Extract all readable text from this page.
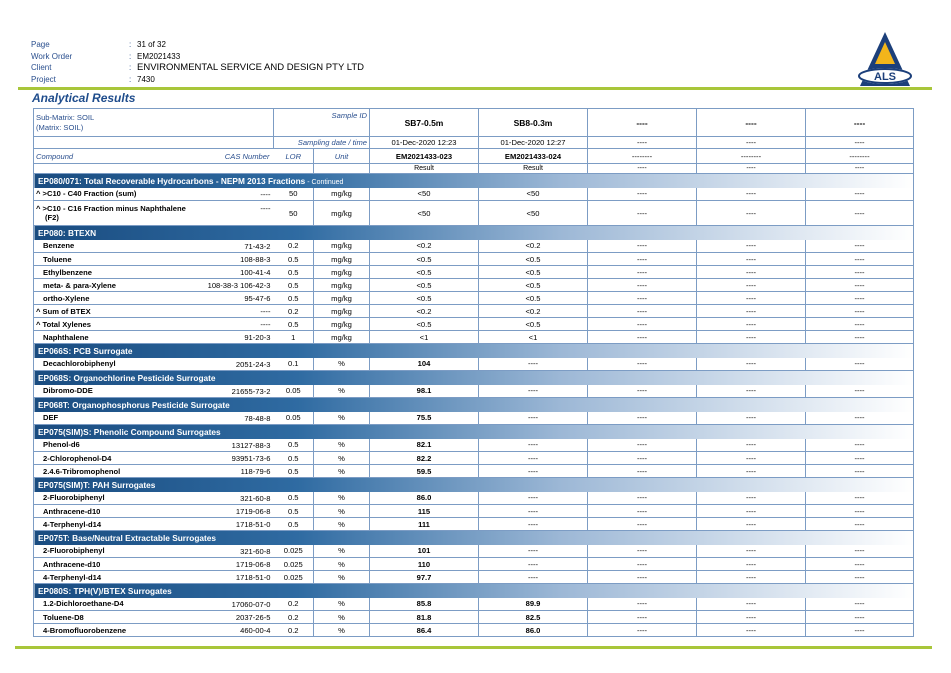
Page	: 31 of 32
Work Order	: EM2021433
Client	: ENVIRONMENTAL SERVICE AND DESIGN PTY LTD
Project	: 7430	ALS
Analytical Results
Sub-Matrix: SOIL
(Matrix: SOIL)		Sample ID	SB7-0.5m	SB8-0.3m	----	----	----
	Sampling date / time		01-Dec-2020 12:23	01-Dec-2020 12:27	----	----	----
Compound CAS Number	LOR	Unit	EM2021433-023	EM2021433-024	--------	--------	--------
			Result	Result	----	----	----
EP080/071: Total Recoverable Hydrocarbons - NEPM 2013 Fractions - Continued							

^ >C10 - C40 Fraction (sum) ----	50	mg/kg	<50	<50	----	----	----

^ >C10 - C16 Fraction minus Naphthalene
(F2)
----	50	mg/kg	<50	<50	----	----	----
EP080: BTEXN							

Benzene 71-43-2	0.2	mg/kg	<0.2	<0.2	----	----	----

Toluene 108-88-3	0.5	mg/kg	<0.5	<0.5	----	----	----

Ethylbenzene 100-41-4	0.5	mg/kg	<0.5	<0.5	----	----	----

meta- & para-Xylene 108-38-3 106-42-3	0.5	mg/kg	<0.5	<0.5	----	----	----

ortho-Xylene 95-47-6	0.5	mg/kg	<0.5	<0.5	----	----	----

^ Sum of BTEX ----	0.2	mg/kg	<0.2	<0.2	----	----	----

^ Total Xylenes ----	0.5	mg/kg	<0.5	<0.5	----	----	----

Naphthalene 91-20-3	1	mg/kg	<1	<1	----	----	----
EP066S: PCB Surrogate							

Decachlorobiphenyl 2051-24-3	0.1	%	104	----	----	----	----
EP068S: Organochlorine Pesticide Surrogate							

Dibromo-DDE 21655-73-2	0.05	%	98.1	----	----	----	----
EP068T: Organophosphorus Pesticide Surrogate							

DEF 78-48-8	0.05	%	75.5	----	----	----	----
EP075(SIM)S: Phenolic Compound Surrogates							

Phenol-d6 13127-88-3	0.5	%	82.1	----	----	----	----

2-Chlorophenol-D4 93951-73-6	0.5	%	82.2	----	----	----	----

2.4.6-Tribromophenol 118-79-6	0.5	%	59.5	----	----	----	----
EP075(SIM)T: PAH Surrogates							

2-Fluorobiphenyl 321-60-8	0.5	%	86.0	----	----	----	----

Anthracene-d10 1719-06-8	0.5	%	115	----	----	----	----

4-Terphenyl-d14 1718-51-0	0.5	%	111	----	----	----	----
EP075T: Base/Neutral Extractable Surrogates							

2-Fluorobiphenyl 321-60-8	0.025	%	101	----	----	----	----

Anthracene-d10 1719-06-8	0.025	%	110	----	----	----	----

4-Terphenyl-d14 1718-51-0	0.025	%	97.7	----	----	----	----
EP080S: TPH(V)/BTEX Surrogates							

1.2-Dichloroethane-D4 17060-07-0	0.2	%	85.8	89.9	----	----	----

Toluene-D8 2037-26-5	0.2	%	81.8	82.5	----	----	----

4-Bromofluorobenzene 460-00-4	0.2	%	86.4	86.0	----	----	----
